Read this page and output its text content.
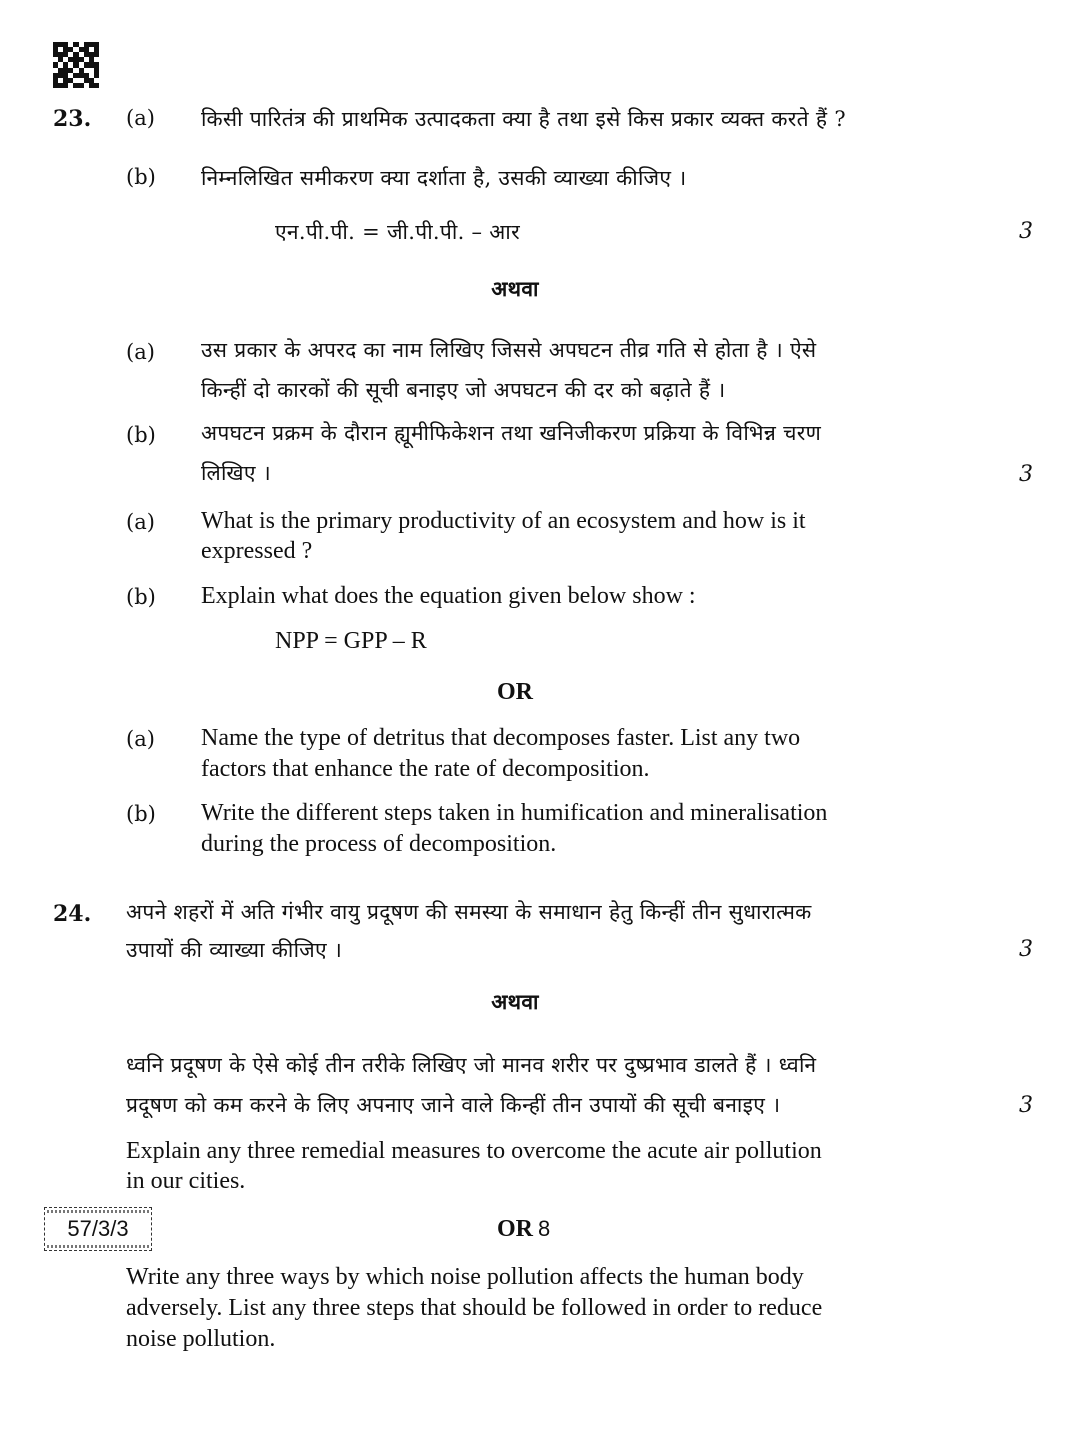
23. (a) किसी पारितंत्र की प्राथमिक उत्पादकता क्या है तथा इसे किस प्रकार व्यक्त करते हैं ?
(b) निम्नलिखित समीकरण क्या दर्शाता है, उसकी व्याख्या कीजिए ।
एन.पी.पी. = जी.पी.पी. – आर	3
अथवा
(a) उस प्रकार के अपरद का नाम लिखिए जिससे अपघटन तीव्र गति से होता है । ऐसे
किन्हीं दो कारकों की सूची बनाइए जो अपघटन की दर को बढ़ाते हैं ।
(b) अपघटन प्रक्रम के दौरान ह्यूमीफिकेशन तथा खनिजीकरण प्रक्रिया के विभिन्न चरण
लिखिए ।	3
(a) What is the primary productivity of an ecosystem and how is it
expressed ?
(b) Explain what does the equation given below show :
NPP = GPP – R
OR
(a) Name the type of detritus that decomposes faster. List any two
factors that enhance the rate of decomposition.
(b) Write the different steps taken in humification and mineralisation
during the process of decomposition.
24. अपने शहरों में अति गंभीर वायु प्रदूषण की समस्या के समाधान हेतु किन्हीं तीन सुधारात्मक
उपायों की व्याख्या कीजिए ।	3
अथवा
ध्वनि प्रदूषण के ऐसे कोई तीन तरीके लिखिए जो मानव शरीर पर दुष्प्रभाव डालते हैं । ध्वनि
प्रदूषण को कम करने के लिए अपनाए जाने वाले किन्हीं तीन उपायों की सूची बनाइए ।	3
Explain any three remedial measures to overcome the acute air pollution
in our cities.
OR
Write any three ways by which noise pollution affects the human body
adversely. List any three steps that should be followed in order to reduce
noise pollution.
57/3/3	8
